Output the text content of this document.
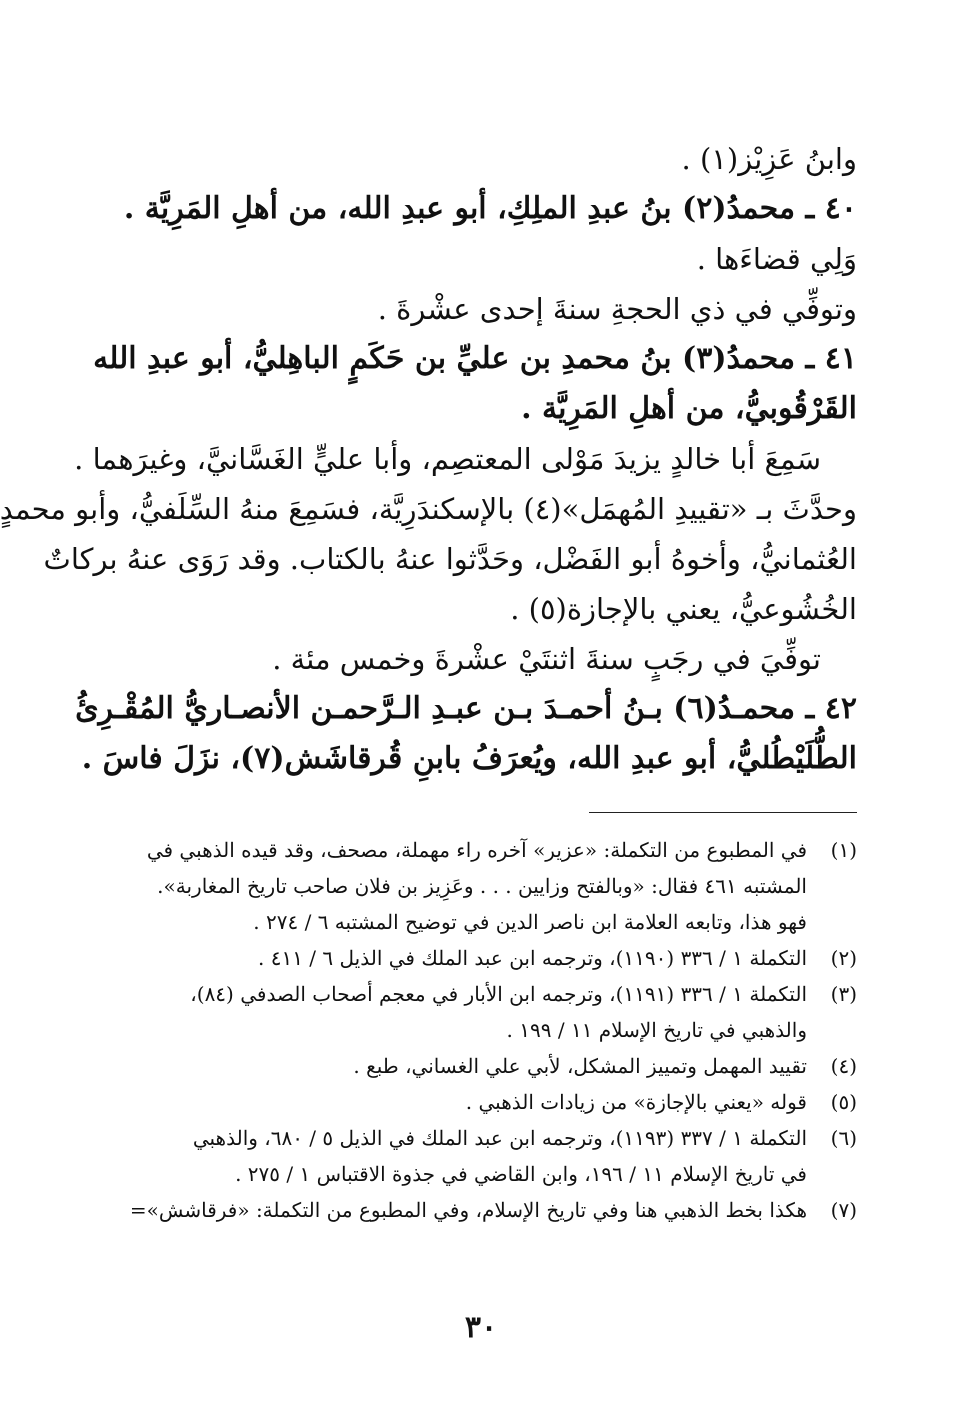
وابنُ عَزِيْز(١) .
٤٠ ـ محمدُ(٢) بنُ عبدِ الملِكِ، أبو عبدِ الله، من أهلِ المَرِيَّة .
وَلِي قضاءَها .
وتوفِّي في ذي الحجةِ سنةَ إحدى عشْرةَ .
٤١ ـ محمدُ(٣) بنُ محمدِ بن عليِّ بن حَكَمٍ الباهِليُّ، أبو عبدِ الله
القَرْقُوبيُّ، من أهلِ المَرِيَّة .
سَمِعَ أبا خالدٍ يزيدَ مَوْلى المعتصِم، وأبا عليٍّ الغَسَّانيَّ، وغيرَهما .
وحدَّثَ بـ «تقييدِ المُهمَل»(٤) بالإسكندَرِيَّة، فسَمِعَ منهُ السِّلَفيُّ، وأبو محمدٍ
العُثمانيُّ، وأخوهُ أبو الفَضْل، وحَدَّثوا عنهُ بالكتاب. وقد رَوَى عنهُ بركاتٌ
الخُشُوعيُّ، يعني بالإجازة(٥) .
توفِّيَ في رجَبٍ سنةَ اثنتَيْ عشْرةَ وخمس مئة .
٤٢ ـ محمـدُ(٦) بـنُ أحمـدَ بـن عبـدِ الـرَّحمـن الأنصـاريُّ المُقْـرِئُ
الطُّلَيْطُليُّ، أبو عبدِ الله، ويُعرَفُ بابنِ قُرقاشَش(٧)، نزَلَ فاسَ .
(١)
في المطبوع من التكملة: «عزير» آخره راء مهملة، مصحف، وقد قيده الذهبي في
المشتبه ٤٦١ فقال: «وبالفتح وزايين . . . وعَزِيز بن فلان صاحب تاريخ المغاربة».
فهو هذا، وتابعه العلامة ابن ناصر الدين في توضيح المشتبه ٦ / ٢٧٤ .
(٢)
التكملة ١ / ٣٣٦ (١١٩٠)، وترجمه ابن عبد الملك في الذيل ٦ / ٤١١ .
(٣)
التكملة ١ / ٣٣٦ (١١٩١)، وترجمه ابن الأبار في معجم أصحاب الصدفي (٨٤)،
والذهبي في تاريخ الإسلام ١١ / ١٩٩ .
(٤)
تقييد المهمل وتمييز المشكل، لأبي علي الغساني، طبع .
(٥)
قوله «يعني بالإجازة» من زيادات الذهبي .
(٦)
التكملة ١ / ٣٣٧ (١١٩٣)، وترجمه ابن عبد الملك في الذيل ٥ / ٦٨٠، والذهبي
في تاريخ الإسلام ١١ / ١٩٦، وابن القاضي في جذوة الاقتباس ١ / ٢٧٥ .
(٧)
هكذا بخط الذهبي هنا وفي تاريخ الإسلام، وفي المطبوع من التكملة: «فرقاشش»=
٣٠
